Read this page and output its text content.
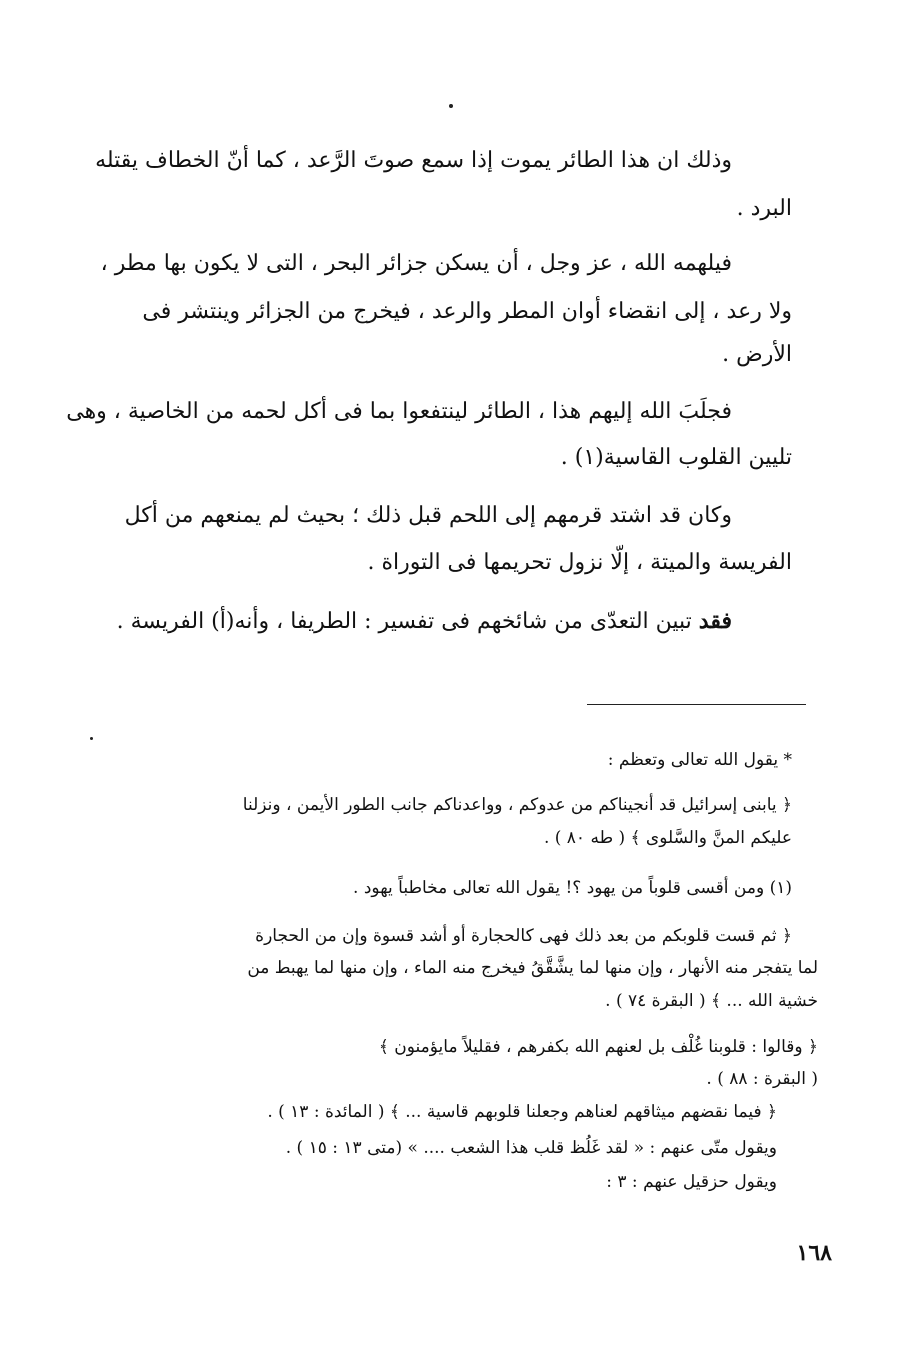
وذلك ان هذا الطائر يموت إذا سمع صوتَ الرَّعد ، كما أنّ الخطاف يقتله
البرد .
فيلهمه الله ، عز وجل ، أن يسكن جزائر البحر ، التى لا يكون بها مطر ،
ولا رعد ، إلى انقضاء أوان المطر والرعد ، فيخرج من الجزائر وينتشر فى
الأرض .
فجلَبَ الله إليهم هذا ، الطائر لينتفعوا بما فى أكل لحمه من الخاصية ، وهى
تليين القلوب القاسية(١) .
وكان قد اشتد قرمهم إلى اللحم قبل ذلك ؛ بحيث لم يمنعهم من أكل
الفريسة والميتة ، إلّا نزول تحريمها فى التوراة .
فقد تبين التعدّى من شائخهم فى تفسير : الطريفا ، وأنه(أ) الفريسة .
* يقول الله تعالى وتعظم :
﴿ يابنى إسرائيل قد أنجيناكم من عدوكم ، وواعدناكم جانب الطور الأيمن ، ونزلنا
عليكم المنَّ والسَّلوى ﴾ ( طه ٨٠ ) .
(١) ومن أقسى قلوباً من يهود ؟! يقول الله تعالى مخاطباً يهود .
﴿ ثم قست قلوبكم من بعد ذلك فهى كالحجارة أو أشد قسوة وإن من الحجارة
لما يتفجر منه الأنهار ، وإن منها لما يشَّقَّقُ فيخرج منه الماء ، وإن منها لما يهبط من
خشية الله ... ﴾ ( البقرة ٧٤ ) .
﴿ وقالوا : قلوبنا غُلْف بل لعنهم الله بكفرهم ، فقليلاً مايؤمنون ﴾
( البقرة : ٨٨ ) .
﴿ فيما نقضهم ميثاقهم لعناهم وجعلنا قلوبهم قاسية ... ﴾ ( المائدة : ١٣ ) .
ويقول متّى عنهم : « لقد غَلُظ قلب هذا الشعب .... » (متى ١٣ : ١٥ ) .
ويقول حزقيل عنهم : ٣ :
١٦٨
